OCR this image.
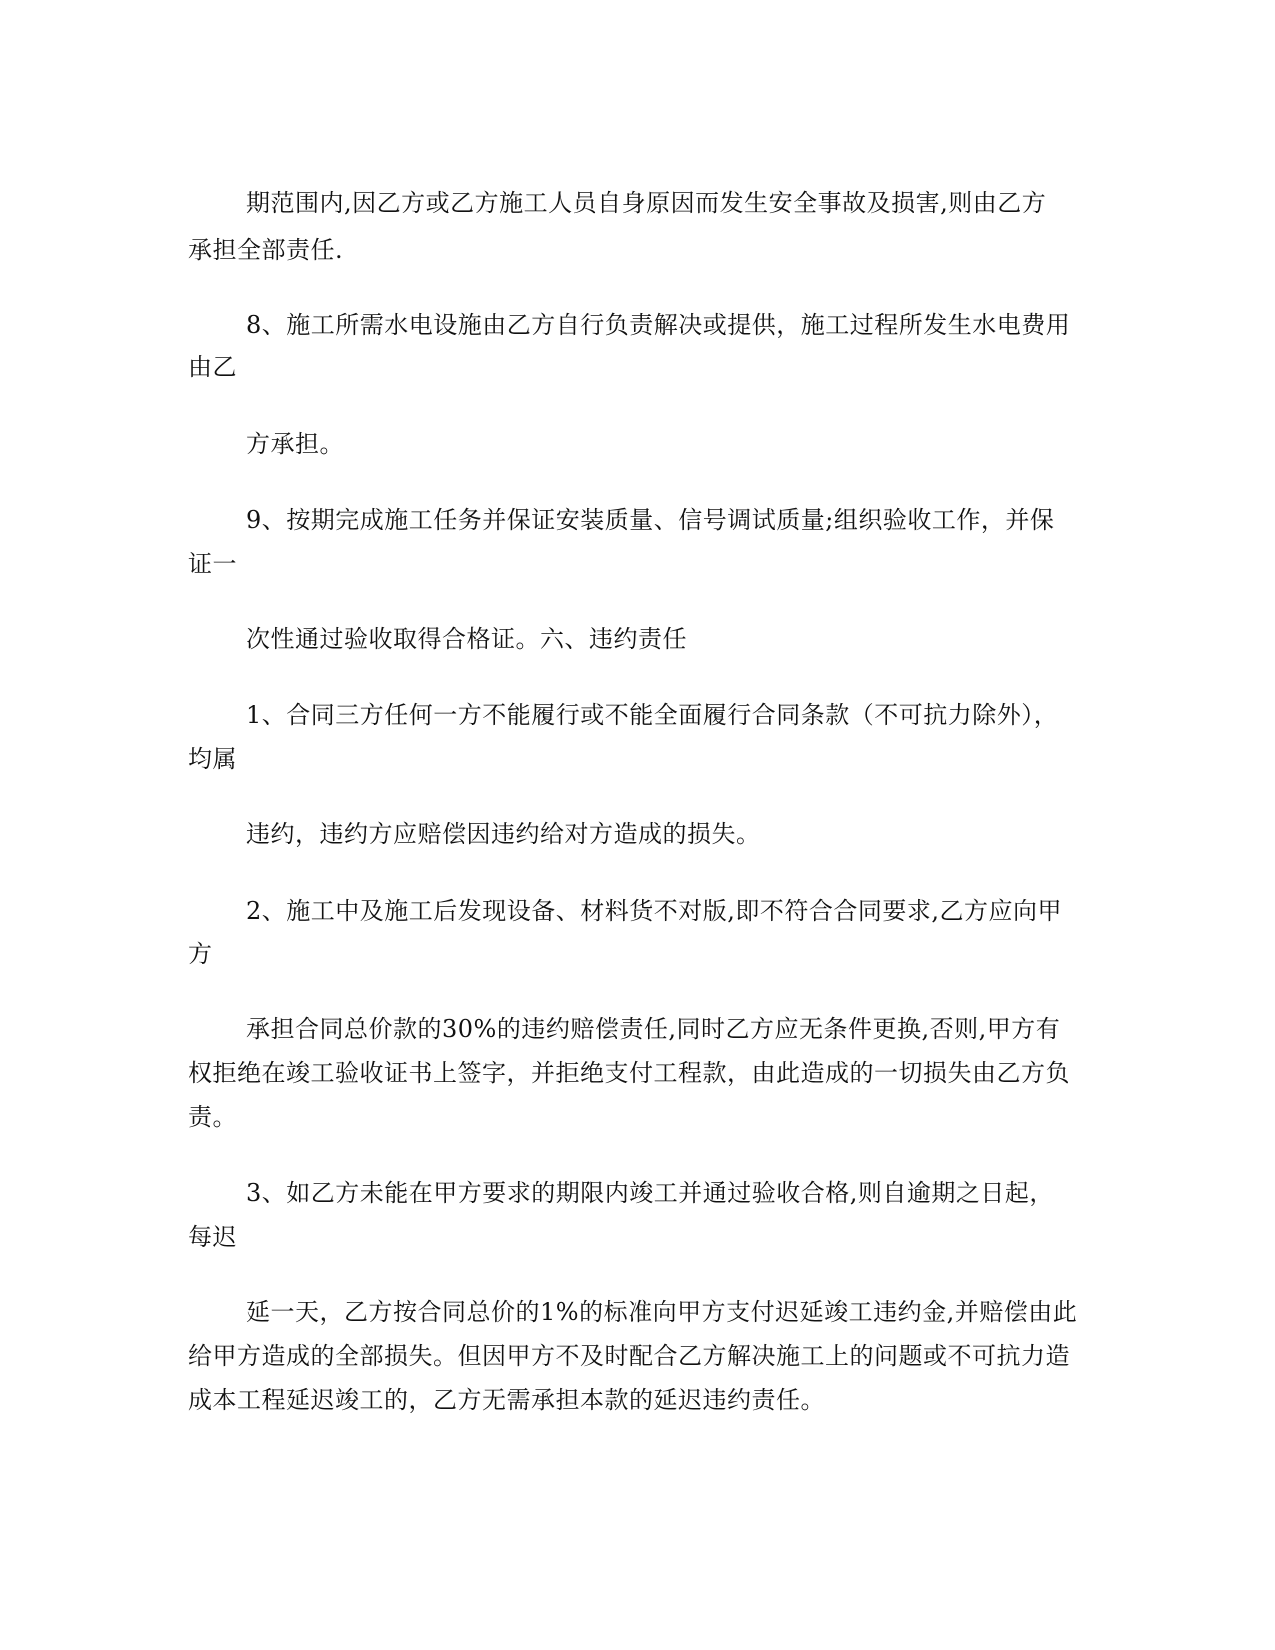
期范围内,因乙方或乙方施工人员自身原因而发生安全事故及损害,则由乙方
承担全部责任.
8、施工所需水电设施由乙方自行负责解决或提供，施工过程所发生水电费用
由乙
方承担。
9、按期完成施工任务并保证安装质量、信号调试质量;组织验收工作，并保
证一
次性通过验收取得合格证。六、违约责任
1、合同三方任何一方不能履行或不能全面履行合同条款（不可抗力除外），
均属
违约，违约方应赔偿因违约给对方造成的损失。
2、施工中及施工后发现设备、材料货不对版,即不符合合同要求,乙方应向甲
方
承担合同总价款的30%的违约赔偿责任,同时乙方应无条件更换,否则,甲方有
权拒绝在竣工验收证书上签字，并拒绝支付工程款，由此造成的一切损失由乙方负
责。
3、如乙方未能在甲方要求的期限内竣工并通过验收合格,则自逾期之日起，
每迟
延一天，乙方按合同总价的1%的标准向甲方支付迟延竣工违约金,并赔偿由此
给甲方造成的全部损失。但因甲方不及时配合乙方解决施工上的问题或不可抗力造
成本工程延迟竣工的，乙方无需承担本款的延迟违约责任。
